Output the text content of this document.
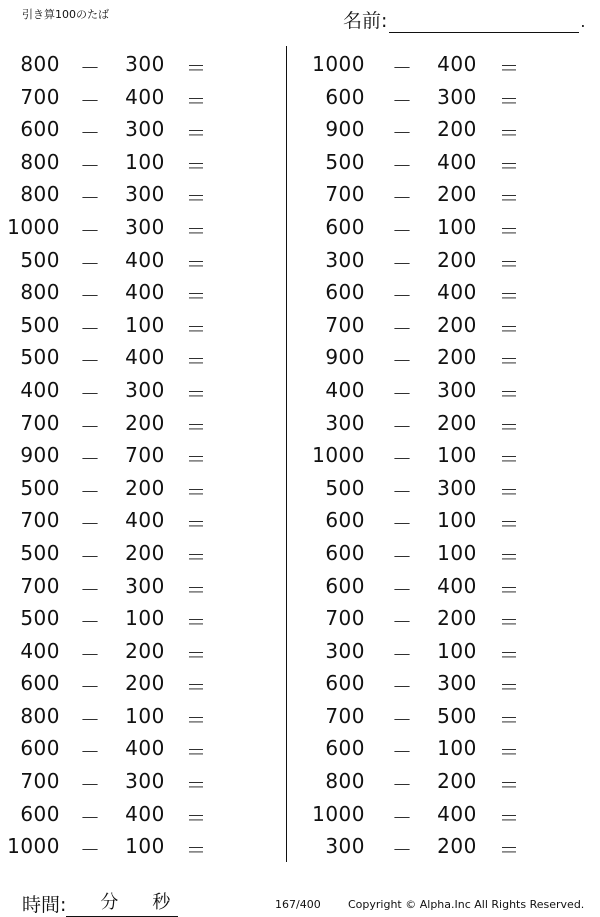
引き算100のたば	名前:	.
800 －	300	＝
700 －	400	＝
600 －	300	＝
800 －	100	＝
800 －	300	＝
1000 －	300	＝
500 －	400	＝
800 －	400	＝
500 －	100	＝
500 －	400	＝
400 －	300	＝
700 －	200	＝
900 －	700	＝
500 －	200	＝
700 －	400	＝
500 －	200	＝
700 －	300	＝
500 －	100	＝
400 －	200	＝
600 －	200	＝
800 －	100	＝
600 －	400	＝
700 －	300	＝
600 －	400	＝
1000 －	100	＝
1000 －	400	＝
600 －	300	＝
900 －	200	＝
500 －	400	＝
700 －	200	＝
600 －	100	＝
300 －	200	＝
600 －	400	＝
700 －	200	＝
900 －	200	＝
400 －	300	＝
300 －	200	＝
1000 －	100	＝
500 －	300	＝
600 －	100	＝
600 －	100	＝
600 －	400	＝
700 －	200	＝
300 －	100	＝
600 －	300	＝
700 －	500	＝
600 －	100	＝
800 －	200	＝
1000 －	400	＝
300 －	200	＝
時間: 分 秒	167/400 Copyright © Alpha.Inc All Rights Reserved.
